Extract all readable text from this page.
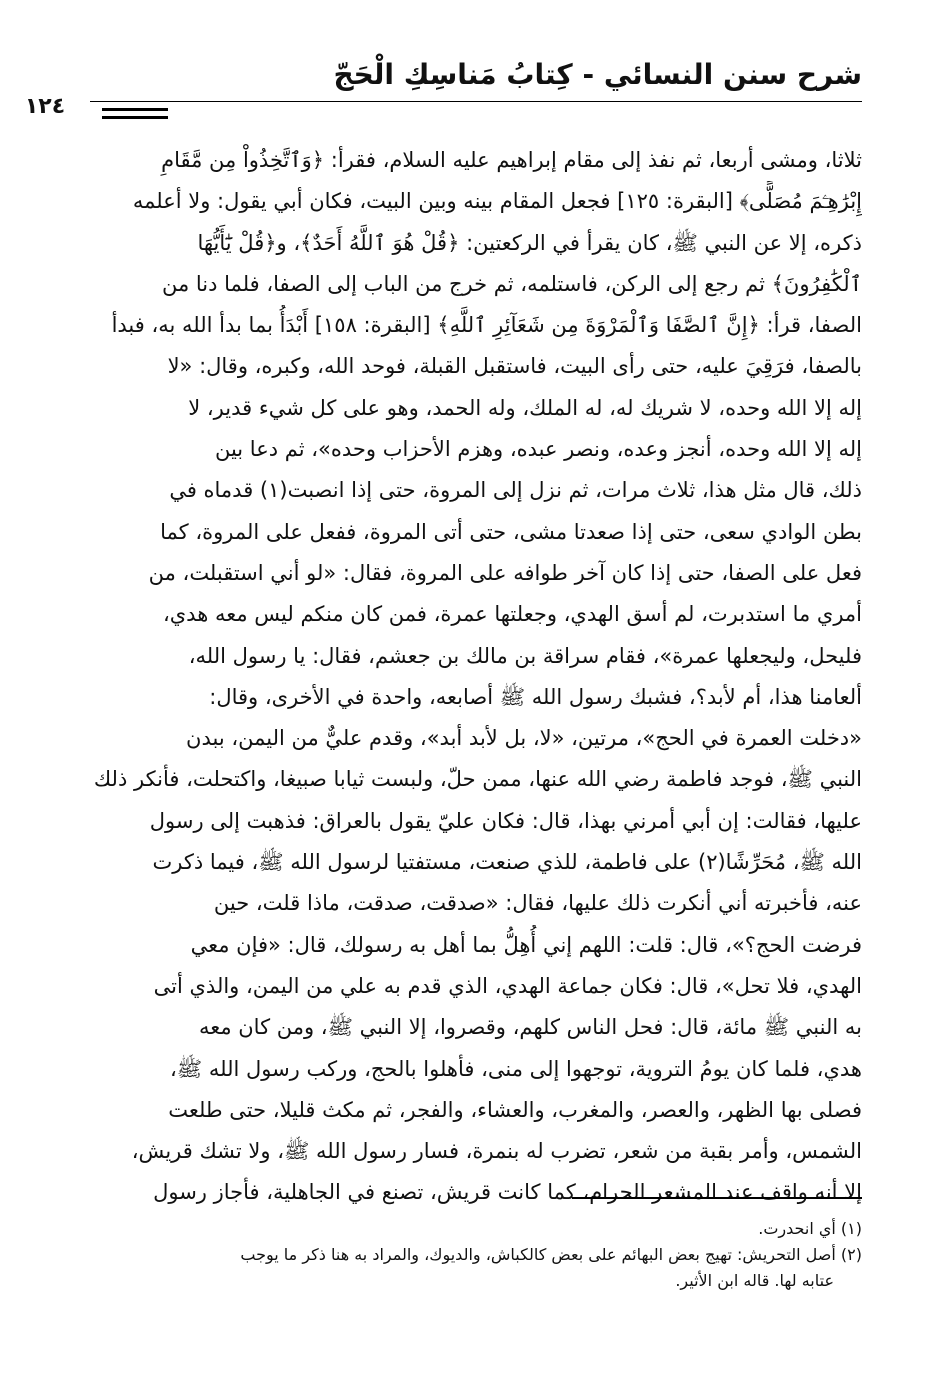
شرح سنن النسائي - كِتابُ مَناسِكِ الْحَجّ
١٢٤
ثلاثا، ومشى أربعا، ثم نفذ إلى مقام إبراهيم عليه السلام، فقرأ: ﴿وَٱتَّخِذُواْ مِن مَّقَامِ
إِبْرَٰهِـۧمَ مُصَلًّى﴾ [البقرة: ١٢٥] فجعل المقام بينه وبين البيت، فكان أبي يقول: ولا أعلمه
ذكره، إلا عن النبي ﷺ، كان يقرأ في الركعتين: ﴿قُلْ هُوَ ٱللَّهُ أَحَدٌ﴾، و﴿قُلْ يَٰٓأَيُّهَا
ٱلْكَٰفِرُونَ﴾ ثم رجع إلى الركن، فاستلمه، ثم خرج من الباب إلى الصفا، فلما دنا من
الصفا، قرأ: ﴿إِنَّ ٱلصَّفَا وَٱلْمَرْوَةَ مِن شَعَآئِرِ ٱللَّهِ﴾ [البقرة: ١٥٨] أَبْدَأُ بما بدأ الله به، فبدأ
بالصفا، فرَقِيَ عليه، حتى رأى البيت، فاستقبل القبلة، فوحد الله، وكبره، وقال: «لا
إله إلا الله وحده، لا شريك له، له الملك، وله الحمد، وهو على كل شيء قدير، لا
إله إلا الله وحده، أنجز وعده، ونصر عبده، وهزم الأحزاب وحده»، ثم دعا بين
ذلك، قال مثل هذا، ثلاث مرات، ثم نزل إلى المروة، حتى إذا انصبت(١) قدماه في
بطن الوادي سعى، حتى إذا صعدتا مشى، حتى أتى المروة، ففعل على المروة، كما
فعل على الصفا، حتى إذا كان آخر طوافه على المروة، فقال: «لو أني استقبلت، من
أمري ما استدبرت، لم أسق الهدي، وجعلتها عمرة، فمن كان منكم ليس معه هدي،
فليحل، وليجعلها عمرة»، فقام سراقة بن مالك بن جعشم، فقال: يا رسول الله،
ألعامنا هذا، أم لأبد؟، فشبك رسول الله ﷺ أصابعه، واحدة في الأخرى، وقال:
«دخلت العمرة في الحج»، مرتين، «لا، بل لأبد أبد»، وقدم عليٌّ من اليمن، ببدن
النبي ﷺ، فوجد فاطمة رضي الله عنها، ممن حلّ، ولبست ثيابا صبيغا، واكتحلت، فأنكر ذلك
عليها، فقالت: إن أبي أمرني بهذا، قال: فكان عليّ يقول بالعراق: فذهبت إلى رسول
الله ﷺ، مُحَرِّشًا(٢) على فاطمة، للذي صنعت، مستفتيا لرسول الله ﷺ، فيما ذكرت
عنه، فأخبرته أني أنكرت ذلك عليها، فقال: «صدقت، صدقت، ماذا قلت، حين
فرضت الحج؟»، قال: قلت: اللهم إني أُهِلُّ بما أهل به رسولك، قال: «فإن معي
الهدي، فلا تحل»، قال: فكان جماعة الهدي، الذي قدم به علي من اليمن، والذي أتى
به النبي ﷺ مائة، قال: فحل الناس كلهم، وقصروا، إلا النبي ﷺ، ومن كان معه
هدي، فلما كان يومُ التروية، توجهوا إلى منى، فأهلوا بالحج، وركب رسول الله ﷺ،
فصلى بها الظهر، والعصر، والمغرب، والعشاء، والفجر، ثم مكث قليلا، حتى طلعت
الشمس، وأمر بقبة من شعر، تضرب له بنمرة، فسار رسول الله ﷺ، ولا تشك قريش،
إلا أنه واقف عند المشعر الحرام، كما كانت قريش، تصنع في الجاهلية، فأجاز رسول
(١) أي انحدرت.
(٢) أصل التحريش: تهيج بعض البهائم على بعض كالكباش، والديوك، والمراد به هنا ذكر ما يوجب
عتابه لها. قاله ابن الأثير.
